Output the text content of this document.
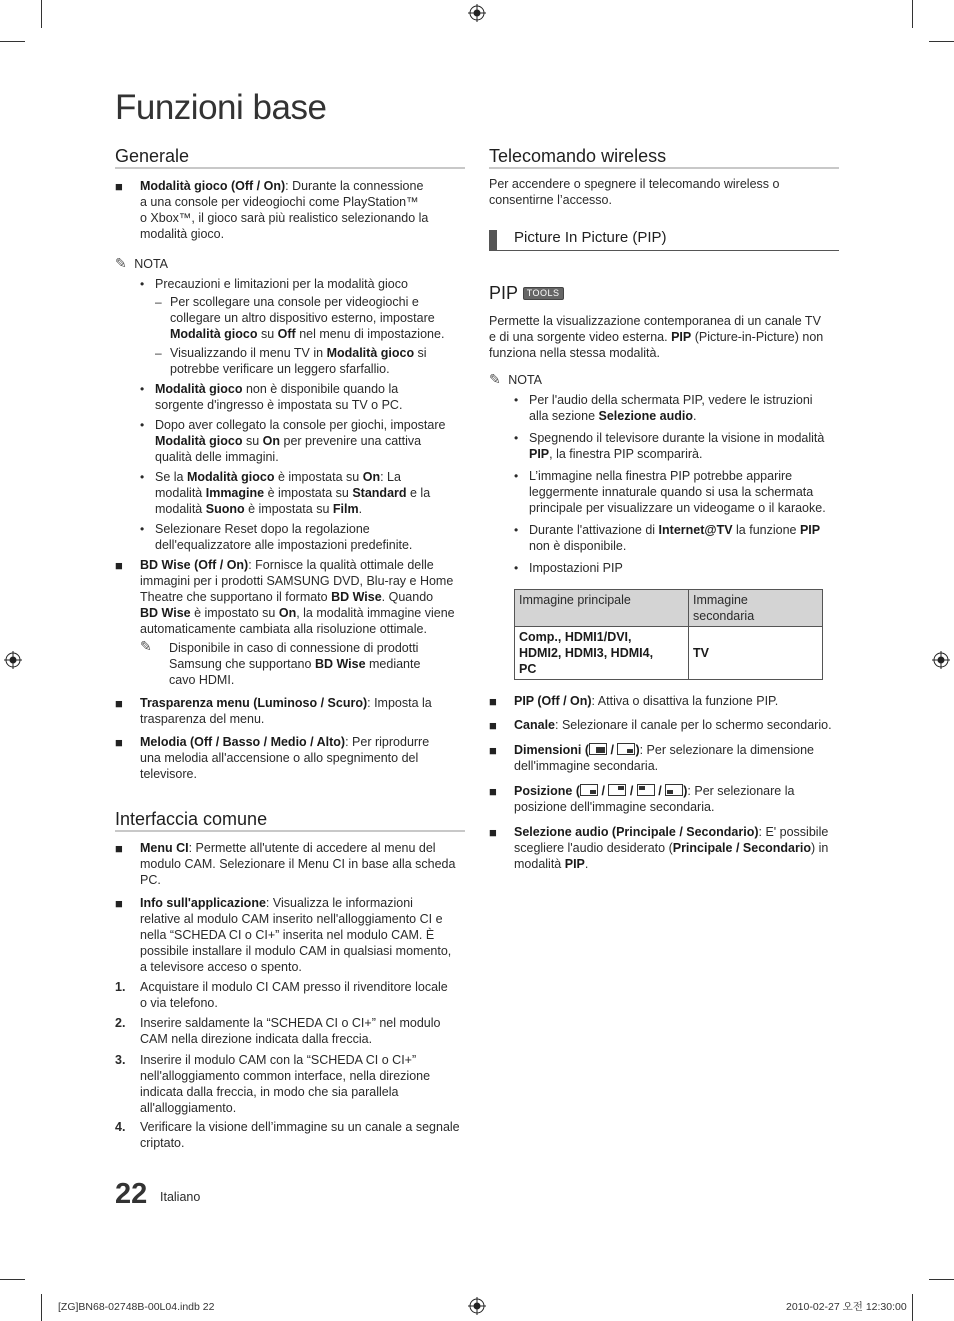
Funzioni base
Generale
■ Modalità gioco (Off / On): Durante la connessione
a una console per videogiochi come PlayStation™
o Xbox™, il gioco sarà più realistico selezionando la
modalità gioco.
✎ NOTA
• Precauzioni e limitazioni per la modalità gioco
– Per scollegare una console per videogiochi e
collegare un altro dispositivo esterno, impostare
Modalità gioco su Off nel menu di impostazione.
– Visualizzando il menu TV in Modalità gioco si
potrebbe verificare un leggero sfarfallio.
• Modalità gioco non è disponibile quando la
sorgente d'ingresso è impostata su TV o PC.
• Dopo aver collegato la console per giochi, impostare
Modalità gioco su On per prevenire una cattiva
qualità delle immagini.
• Se la Modalità gioco è impostata su On: La
modalità Immagine è impostata su Standard e la
modalità Suono è impostata su Film.
• Selezionare Reset dopo la regolazione
dell'equalizzatore alle impostazioni predefinite.
■ BD Wise (Off / On): Fornisce la qualità ottimale delle
immagini per i prodotti SAMSUNG DVD, Blu-ray e Home
Theatre che supportano il formato BD Wise. Quando
BD Wise è impostato su On, la modalità immagine viene
automaticamente cambiata alla risoluzione ottimale.
✎ Disponibile in caso di connessione di prodotti
Samsung che supportano BD Wise mediante
cavo HDMI.
■ Trasparenza menu (Luminoso / Scuro): Imposta la
trasparenza del menu.
■ Melodia (Off / Basso / Medio / Alto): Per riprodurre
una melodia all'accensione o allo spegnimento del
televisore.
Interfaccia comune
■ Menu CI: Permette all'utente di accedere al menu del
modulo CAM. Selezionare il Menu CI in base alla scheda
PC.
■ Info sull'applicazione: Visualizza le informazioni
relative al modulo CAM inserito nell'alloggiamento CI e
nella “SCHEDA CI o CI+” inserita nel modulo CAM. È
possibile installare il modulo CAM in qualsiasi momento,
a televisore acceso o spento.
1. Acquistare il modulo CI CAM presso il rivenditore locale
o via telefono.
2. Inserire saldamente la “SCHEDA CI o CI+” nel modulo
CAM nella direzione indicata dalla freccia.
3. Inserire il modulo CAM con la “SCHEDA CI o CI+”
nell'alloggiamento common interface, nella direzione
indicata dalla freccia, in modo che sia parallela
all'alloggiamento.
4. Verificare la visione dell’immagine su un canale a segnale
criptato.
22 Italiano
Telecomando wireless
Per accendere o spegnere il telecomando wireless o
consentirne l’accesso.
Picture In Picture (PIP)
PIP TOOLS
Permette la visualizzazione contemporanea di un canale TV
e di una sorgente video esterna. PIP (Picture-in-Picture) non
funziona nella stessa modalità.
✎ NOTA
• Per l'audio della schermata PIP, vedere le istruzioni
alla sezione Selezione audio.
• Spegnendo il televisore durante la visione in modalità
PIP, la finestra PIP scomparirà.
• L’immagine nella finestra PIP potrebbe apparire
leggermente innaturale quando si usa la schermata
principale per visualizzare un videogame o il karaoke.
• Durante l'attivazione di Internet@TV la funzione PIP
non è disponibile.
• Impostazioni PIP
Immagine principale	Immagine
secondaria

Comp., HDMI1/DVI,
HDMI2, HDMI3, HDMI4,
PC	TV
■ PIP (Off / On): Attiva o disattiva la funzione PIP.
■ Canale: Selezionare il canale per lo schermo secondario.
■ Dimensioni (
/
): Per selezionare la dimensione
dell'immagine secondaria.
■ Posizione (
/
/
/
): Per selezionare la
posizione dell'immagine secondaria.
■ Selezione audio (Principale / Secondario): E' possibile
scegliere l'audio desiderato (Principale / Secondario) in
modalità PIP.
[ZG]BN68-02748B-00L04.indb 22	2010-02-27 오전 12:30:00
